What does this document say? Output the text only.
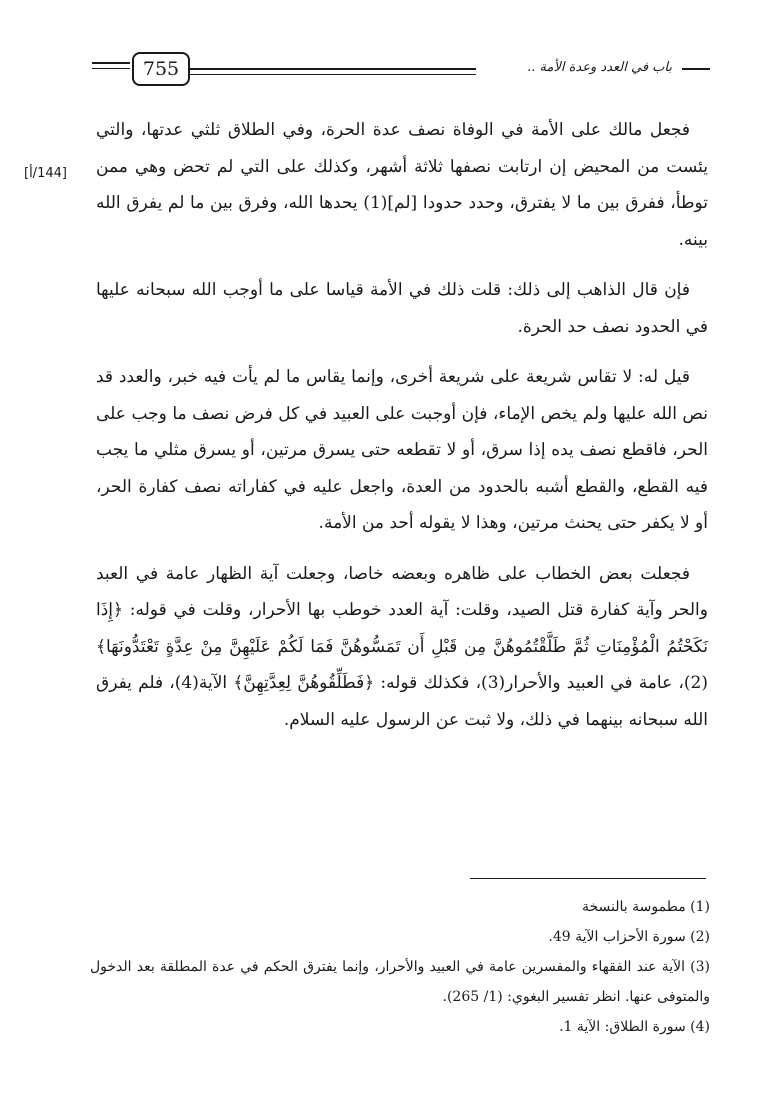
755	باب في العدد وعدة الأمة ..
[144/أ]

فجعل مالك على الأمة في الوفاة نصف عدة الحرة، وفي الطلاق ثلثي عدتها، والتي يئست من المحيض إن ارتابت نصفها ثلاثة أشهر، وكذلك على التي لم تحض وهي ممن توطأ، ففرق بين ما لا يفترق، وحدد حدودا [لم](1) يحدها الله، وفرق بين ما لم يفرق الله بينه.

فإن قال الذاهب إلى ذلك: قلت ذلك في الأمة قياسا على ما أوجب الله سبحانه عليها في الحدود نصف حد الحرة.

قيل له: لا تقاس شريعة على شريعة أخرى، وإنما يقاس ما لم يأت فيه خبر، والعدد قد نص الله عليها ولم يخص الإماء، فإن أوجبت على العبيد في كل فرض نصف ما وجب على الحر، فاقطع نصف يده إذا سرق، أو لا تقطعه حتى يسرق مرتين، أو يسرق مثلي ما يجب فيه القطع، والقطع أشبه بالحدود من العدة، واجعل عليه في كفاراته نصف كفارة الحر، أو لا يكفر حتى يحنث مرتين، وهذا لا يقوله أحد من الأمة.

فجعلت بعض الخطاب على ظاهره وبعضه خاصا، وجعلت آية الظهار عامة في العبد والحر وآية كفارة قتل الصيد، وقلت: آية العدد خوطب بها الأحرار، وقلت في قوله: ﴿إِذَا نَكَحْتُمُ الْمُؤْمِنَاتِ ثُمَّ طَلَّقْتُمُوهُنَّ مِن قَبْلِ أَن تَمَسُّوهُنَّ فَمَا لَكُمْ عَلَيْهِنَّ مِنْ عِدَّةٍ تَعْتَدُّونَهَا﴾(2)، عامة في العبيد والأحرار(3)، فكذلك قوله: ﴿فَطَلِّقُوهُنَّ لِعِدَّتِهِنَّ﴾ الآية(4)، فلم يفرق الله سبحانه بينهما في ذلك، ولا ثبت عن الرسول عليه السلام.

(1) مطموسة بالنسخة

(2) سورة الأحزاب الآية 49.

(3) الآية عند الفقهاء والمفسرين عامة في العبيد والأحرار، وإنما يفترق الحكم في عدة المطلقة بعد الدخول والمتوفى عنها. انظر تفسير البغوي: (1/ 265).

(4) سورة الطلاق: الآية 1.
